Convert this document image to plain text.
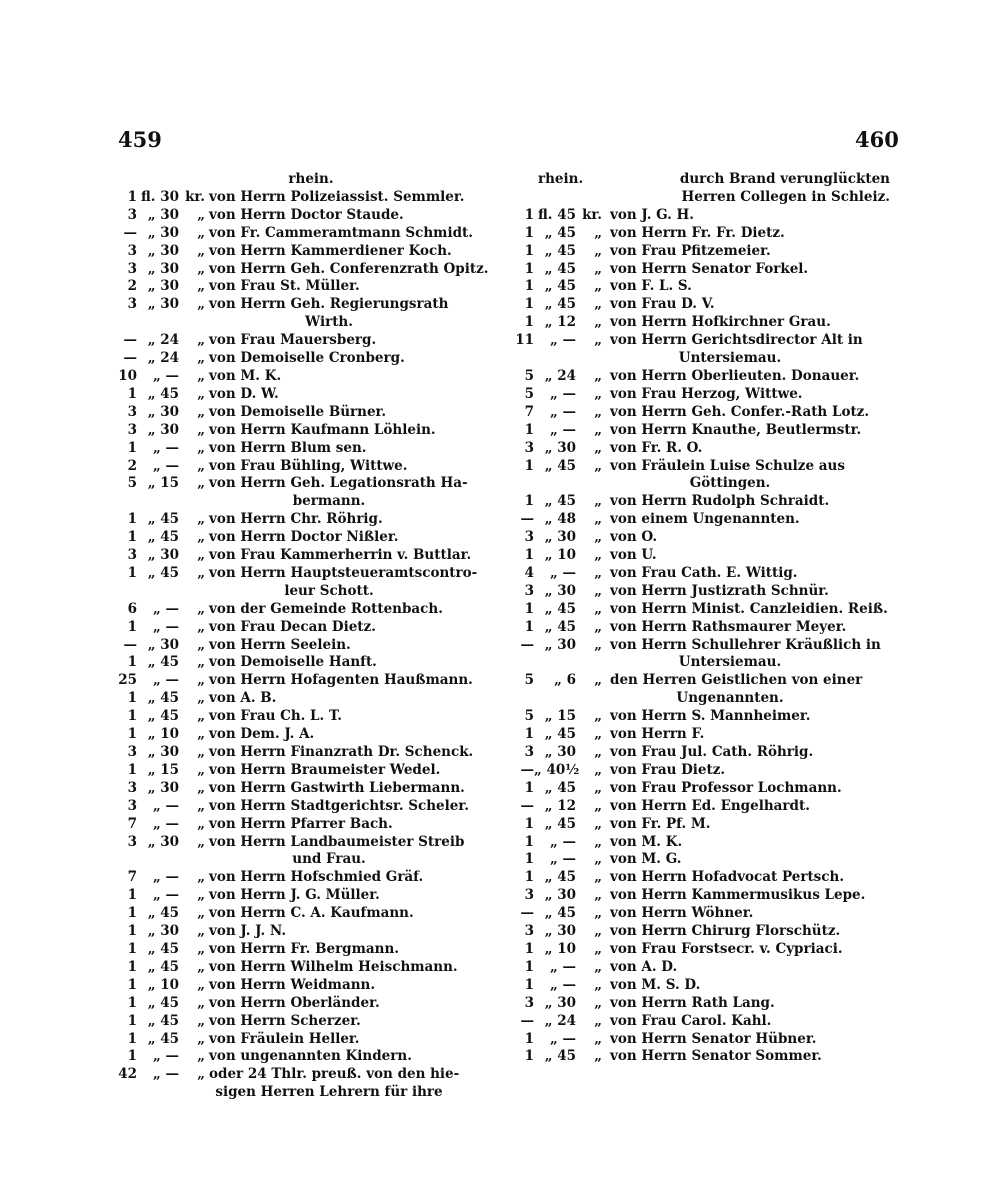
459	460
rhein.
1 fl. 30 kr. von Herrn Polizeiassist. Semmler.
3 „ 30	„ von Herrn Doctor Staude.
— „ 30	„ von Fr. Cammeramtmann Schmidt.
3 „ 30	„ von Herrn Kammerdiener Koch.
3 „ 30	„ von Herrn Geh. Conferenzrath Opitz.
2 „ 30	„ von Frau St. Müller.
3 „ 30	„ von Herrn Geh. Regierungsrath
Wirth.
— „ 24	„ von Frau Mauersberg.
— „ 24	„ von Demoiselle Cronberg.
10	„ —	„ von M. K.
1 „ 45	„ von D. W.
3 „ 30	„ von Demoiselle Bürner.
3 „ 30	„ von Herrn Kaufmann Löhlein.
1	„ —	„ von Herrn Blum sen.
2	„ —	„ von Frau Bühling, Wittwe.
5 „ 15	„ von Herrn Geh. Legationsrath Ha-
bermann.
1 „ 45	„ von Herrn Chr. Röhrig.
1 „ 45	„ von Herrn Doctor Nißler.
3 „ 30	„ von Frau Kammerherrin v. Buttlar.
1 „ 45	„ von Herrn Hauptsteueramtscontro-
leur Schott.
6	„ —	„ von der Gemeinde Rottenbach.
1	„ —	„ von Frau Decan Dietz.
— „ 30	„ von Herrn Seelein.
1 „ 45	„ von Demoiselle Hanft.
25	„ —	„ von Herrn Hofagenten Haußmann.
1 „ 45	„ von A. B.
1 „ 45	„ von Frau Ch. L. T.
1 „ 10	„ von Dem. J. A.
3 „ 30	„ von Herrn Finanzrath Dr. Schenck.
1 „ 15	„ von Herrn Braumeister Wedel.
3 „ 30	„ von Herrn Gastwirth Liebermann.
3	„ —	„ von Herrn Stadtgerichtsr. Scheler.
7	„ —	„ von Herrn Pfarrer Bach.
3 „ 30	„ von Herrn Landbaumeister Streib
und Frau.
7	„ —	„ von Herrn Hofschmied Gräf.
1	„ —	„ von Herrn J. G. Müller.
1 „ 45	„ von Herrn C. A. Kaufmann.
1 „ 30	„ von J. J. N.
1 „ 45	„ von Herrn Fr. Bergmann.
1 „ 45	„ von Herrn Wilhelm Heischmann.
1 „ 10	„ von Herrn Weidmann.
1 „ 45	„ von Herrn Oberländer.
1 „ 45	„ von Herrn Scherzer.
1 „ 45	„ von Fräulein Heller.
1	„ —	„ von ungenannten Kindern.
42	„ —	„ oder 24 Thlr. preuß. von den hie-
sigen Herren Lehrern für ihre
rhein.	durch Brand verunglückten
Herren Collegen in Schleiz.
1 fl. 45 kr. von J. G. H.
1 „ 45	„ von Herrn Fr. Fr. Dietz.
1 „ 45	„ von Frau Pfitzemeier.
1 „ 45	„ von Herrn Senator Forkel.
1 „ 45	„ von F. L. S.
1 „ 45	„ von Frau D. V.
1 „ 12	„ von Herrn Hofkirchner Grau.
11	„ —	„ von Herrn Gerichtsdirector Alt in
Untersiemau.
5 „ 24	„ von Herrn Oberlieuten. Donauer.
5	„ —	„ von Frau Herzog, Wittwe.
7	„ —	„ von Herrn Geh. Confer.-Rath Lotz.
1	„ —	„ von Herrn Knauthe, Beutlermstr.
3 „ 30	„ von Fr. R. O.
1 „ 45	„ von Fräulein Luise Schulze aus
Göttingen.
1 „ 45	„ von Herrn Rudolph Schraidt.
— „ 48	„ von einem Ungenannten.
3 „ 30	„ von O.
1 „ 10	„ von U.
4	„ —	„ von Frau Cath. E. Wittig.
3 „ 30	„ von Herrn Justizrath Schnür.
1 „ 45	„ von Herrn Minist. Canzleidien. Reiß.
1 „ 45	„ von Herrn Rathsmaurer Meyer.
— „ 30	„ von Herrn Schullehrer Kräußlich in
Untersiemau.
5	„ 6	„ den Herren Geistlichen von einer
Ungenannten.
5 „ 15	„ von Herrn S. Mannheimer.
1 „ 45	„ von Herrn F.
3 „ 30	„ von Frau Jul. Cath. Röhrig.
— „ 40½	„ von Frau Dietz.
1 „ 45	„ von Frau Professor Lochmann.
— „ 12	„ von Herrn Ed. Engelhardt.
1 „ 45	„ von Fr. Pf. M.
1	„ —	„ von M. K.
1	„ —	„ von M. G.
1 „ 45	„ von Herrn Hofadvocat Pertsch.
3 „ 30	„ von Herrn Kammermusikus Lepe.
— „ 45	„ von Herrn Wöhner.
3 „ 30	„ von Herrn Chirurg Florschütz.
1 „ 10	„ von Frau Forstsecr. v. Cypriaci.
1	„ —	„ von A. D.
1	„ —	„ von M. S. D.
3 „ 30	„ von Herrn Rath Lang.
— „ 24	„ von Frau Carol. Kahl.
1	„ —	„ von Herrn Senator Hübner.
1 „ 45	„ von Herrn Senator Sommer.
